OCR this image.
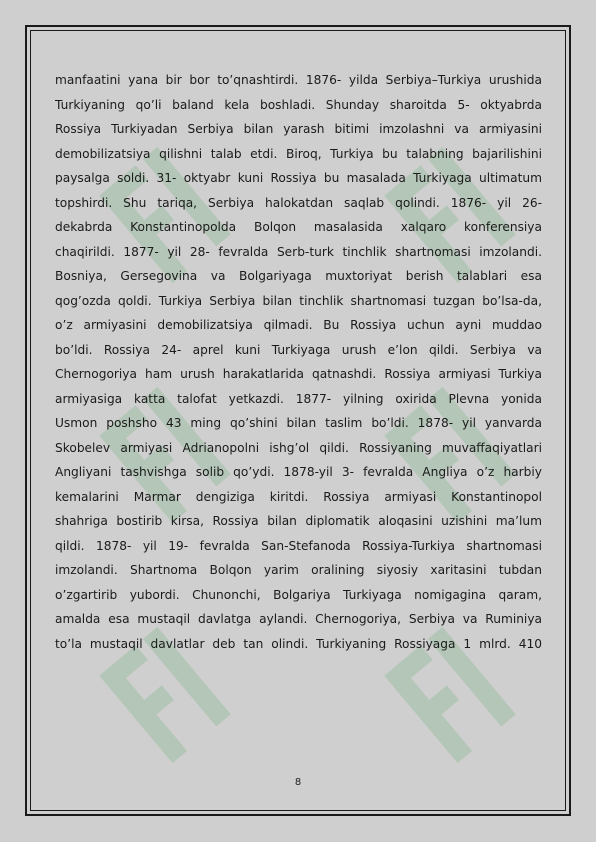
manfaatini yana bir bor to’qnashtirdi. 1876- yilda Serbiya–Turkiya urushida
Turkiyaning qo’li baland kela boshladi. Shunday sharoitda 5- oktyabrda
Rossiya Turkiyadan Serbiya bilan yarash bitimi imzolashni va armiyasini
demobilizatsiya qilishni talab etdi. Biroq, Turkiya bu talabning bajarilishini
paysalga soldi. 31- oktyabr kuni Rossiya bu masalada Turkiyaga ultimatum
topshirdi. Shu tariqa, Serbiya halokatdan saqlab qolindi. 1876- yil 26-
dekabrda Konstantinopolda Bolqon masalasida xalqaro konferensiya
chaqirildi. 1877- yil 28- fevralda Serb-turk tinchlik shartnomasi imzolandi.
Bosniya, Gersegovina va Bolgariyaga muxtoriyat berish talablari esa
qog’ozda qoldi. Turkiya Serbiya bilan tinchlik shartnomasi tuzgan bo’lsa-da,
o’z armiyasini demobilizatsiya qilmadi. Bu Rossiya uchun ayni muddao
bo’ldi. Rossiya 24- aprel kuni Turkiyaga urush e’lon qildi. Serbiya va
Chernogoriya ham urush harakatlarida qatnashdi. Rossiya armiyasi Turkiya
armiyasiga katta talofat yetkazdi. 1877- yilning oxirida Plevna yonida
Usmon poshsho 43 ming qo’shini bilan taslim bo’ldi. 1878- yil yanvarda
Skobelev armiyasi Adrianopolni ishg’ol qildi. Rossiyaning muvaffaqiyatlari
Angliyani tashvishga solib qo’ydi. 1878-yil 3- fevralda Angliya o’z harbiy
kemalarini Marmar dengiziga kiritdi. Rossiya armiyasi Konstantinopol
shahriga bostirib kirsa, Rossiya bilan diplomatik aloqasini uzishini ma’lum
qildi. 1878- yil 19- fevralda San-Stefanoda Rossiya-Turkiya shartnomasi
imzolandi. Shartnoma Bolqon yarim oralining siyosiy xaritasini tubdan
o’zgartirib yubordi. Chunonchi, Bolgariya Turkiyaga nomigagina qaram,
amalda esa mustaqil davlatga aylandi. Chernogoriya, Serbiya va Ruminiya
to’la mustaqil davlatlar deb tan olindi. Turkiyaning Rossiyaga 1 mlrd. 410
8
